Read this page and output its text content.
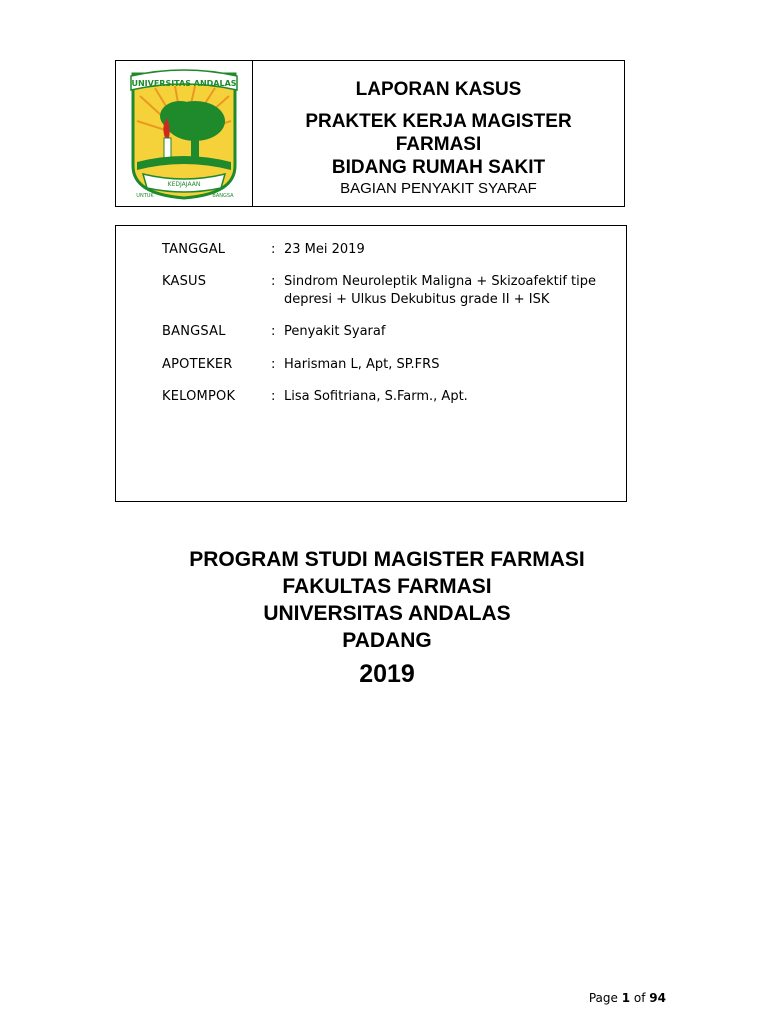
UNIVERSITAS ANDALAS
KEDJAJAAN
UNTUK	BANGSA
LAPORAN KASUS
PRAKTEK KERJA MAGISTER
FARMASI
BIDANG RUMAH SAKIT
BAGIAN PENYAKIT SYARAF
TANGGAL	: 23 Mei 2019
KASUS	: Sindrom Neuroleptik Maligna + Skizoafektif tipe depresi + Ulkus Dekubitus grade II + ISK
BANGSAL	: Penyakit Syaraf
APOTEKER	: Harisman L, Apt, SP.FRS
KELOMPOK	: Lisa Sofitriana, S.Farm., Apt.
PROGRAM STUDI MAGISTER FARMASI
FAKULTAS FARMASI
UNIVERSITAS ANDALAS
PADANG
2019
Page 1 of 94
